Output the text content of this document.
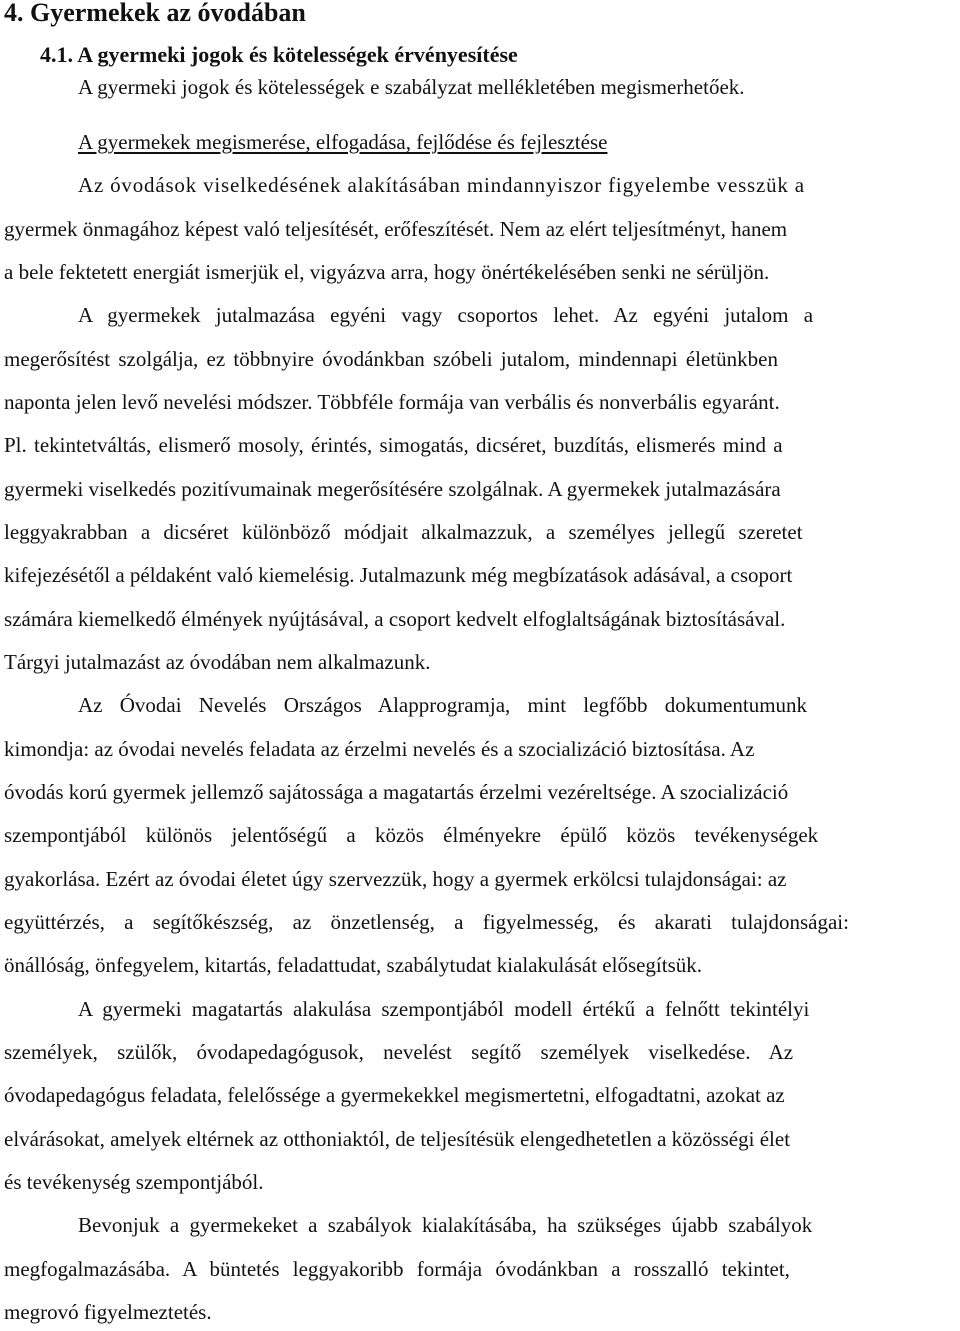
4. Gyermekek az óvodában
4.1. A gyermeki jogok és kötelességek érvényesítése

A gyermeki jogok és kötelességek e szabályzat mellékletében megismerhetőek.

A gyermekek megismerése, elfogadása, fejlődése és fejlesztése

Az óvodások viselkedésének alakításában mindannyiszor figyelembe vesszük a

gyermek önmagához képest való teljesítését, erőfeszítését. Nem az elért teljesítményt, hanem

a bele fektetett energiát ismerjük el, vigyázva arra, hogy önértékelésében senki ne sérüljön.

A gyermekek jutalmazása egyéni vagy csoportos lehet. Az egyéni jutalom a

megerősítést szolgálja, ez többnyire óvodánkban szóbeli jutalom, mindennapi életünkben

naponta jelen levő nevelési módszer. Többféle formája van verbális és nonverbális egyaránt.

Pl. tekintetváltás, elismerő mosoly, érintés, simogatás, dicséret, buzdítás, elismerés mind a

gyermeki viselkedés pozitívumainak megerősítésére szolgálnak. A gyermekek jutalmazására

leggyakrabban a dicséret különböző módjait alkalmazzuk, a személyes jellegű szeretet

kifejezésétől a példaként való kiemelésig. Jutalmazunk még megbízatások adásával, a csoport

számára kiemelkedő élmények nyújtásával, a csoport kedvelt elfoglaltságának biztosításával.

Tárgyi jutalmazást az óvodában nem alkalmazunk.

Az Óvodai Nevelés Országos Alapprogramja, mint legfőbb dokumentumunk

kimondja: az óvodai nevelés feladata az érzelmi nevelés és a szocializáció biztosítása. Az

óvodás korú gyermek jellemző sajátossága a magatartás érzelmi vezéreltsége. A szocializáció

szempontjából különös jelentőségű a közös élményekre épülő közös tevékenységek

gyakorlása. Ezért az óvodai életet úgy szervezzük, hogy a gyermek erkölcsi tulajdonságai: az

együttérzés, a segítőkészség, az önzetlenség, a figyelmesség, és akarati tulajdonságai:

önállóság, önfegyelem, kitartás, feladattudat, szabálytudat kialakulását elősegítsük.

A gyermeki magatartás alakulása szempontjából modell értékű a felnőtt tekintélyi

személyek, szülők, óvodapedagógusok, nevelést segítő személyek viselkedése. Az

óvodapedagógus feladata, felelőssége a gyermekekkel megismertetni, elfogadtatni, azokat az

elvárásokat, amelyek eltérnek az otthoniaktól, de teljesítésük elengedhetetlen a közösségi élet

és tevékenység szempontjából.

Bevonjuk a gyermekeket a szabályok kialakításába, ha szükséges újabb szabályok

megfogalmazásába. A büntetés leggyakoribb formája óvodánkban a rosszalló tekintet,

megrovó figyelmeztetés.
